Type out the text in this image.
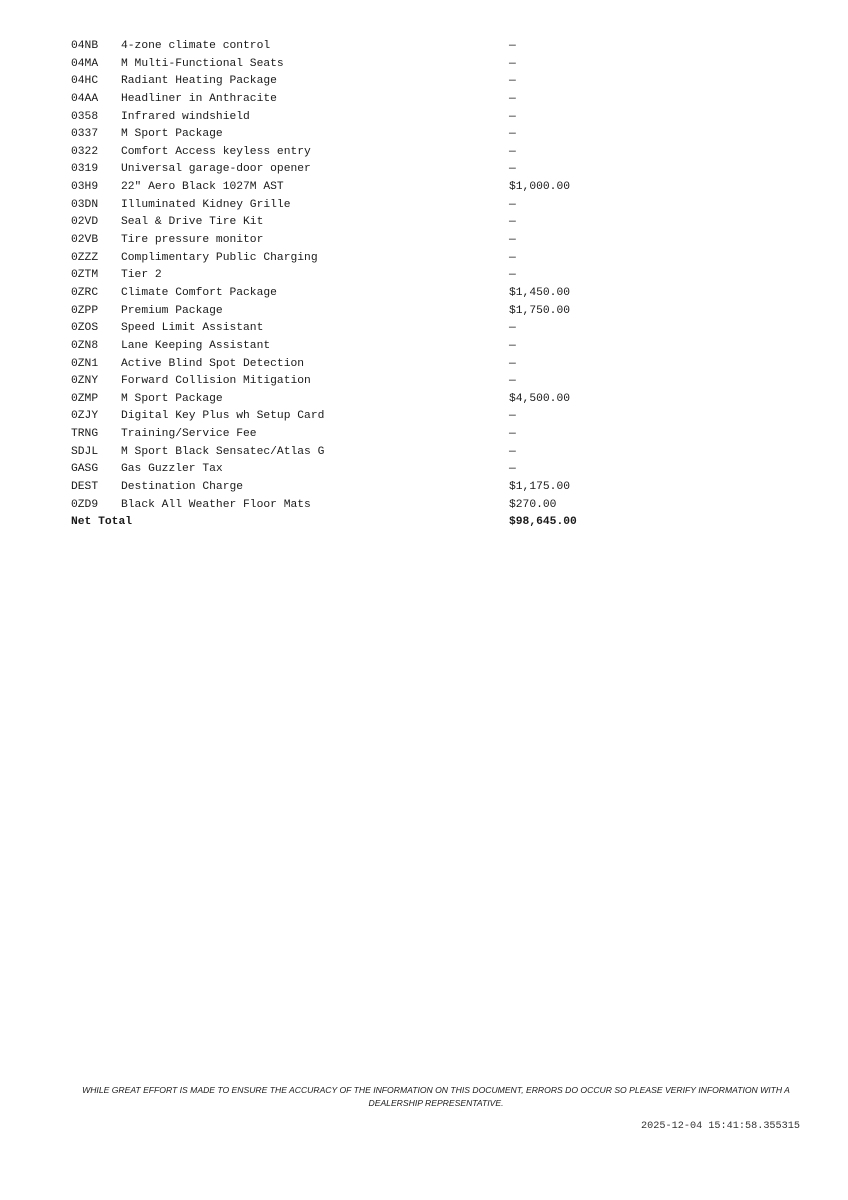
04NB 4-zone climate control	—
04MA M Multi-Functional Seats	—
04HC Radiant Heating Package	—
04AA Headliner in Anthracite	—
0358 Infrared windshield	—
0337 M Sport Package	—
0322 Comfort Access keyless entry	—
0319 Universal garage-door opener	—
03H9 22" Aero Black 1027M AST	$1,000.00
03DN Illuminated Kidney Grille	—
02VD Seal & Drive Tire Kit	—
02VB Tire pressure monitor	—
0ZZZ Complimentary Public Charging	—
0ZTM Tier 2	—
0ZRC Climate Comfort Package	$1,450.00
0ZPP Premium Package	$1,750.00
0ZOS Speed Limit Assistant	—
0ZN8 Lane Keeping Assistant	—
0ZN1 Active Blind Spot Detection	—
0ZNY Forward Collision Mitigation	—
0ZMP M Sport Package	$4,500.00
0ZJY Digital Key Plus wh Setup Card	—
TRNG Training/Service Fee	—
SDJL M Sport Black Sensatec/Atlas G	—
GASG Gas Guzzler Tax	—
DEST Destination Charge	$1,175.00
0ZD9 Black All Weather Floor Mats	$270.00
Net Total	$98,645.00
WHILE GREAT EFFORT IS MADE TO ENSURE THE ACCURACY OF THE INFORMATION ON THIS DOCUMENT, ERRORS DO OCCUR SO PLEASE VERIFY INFORMATION WITH A DEALERSHIP REPRESENTATIVE.
2025-12-04 15:41:58.355315
